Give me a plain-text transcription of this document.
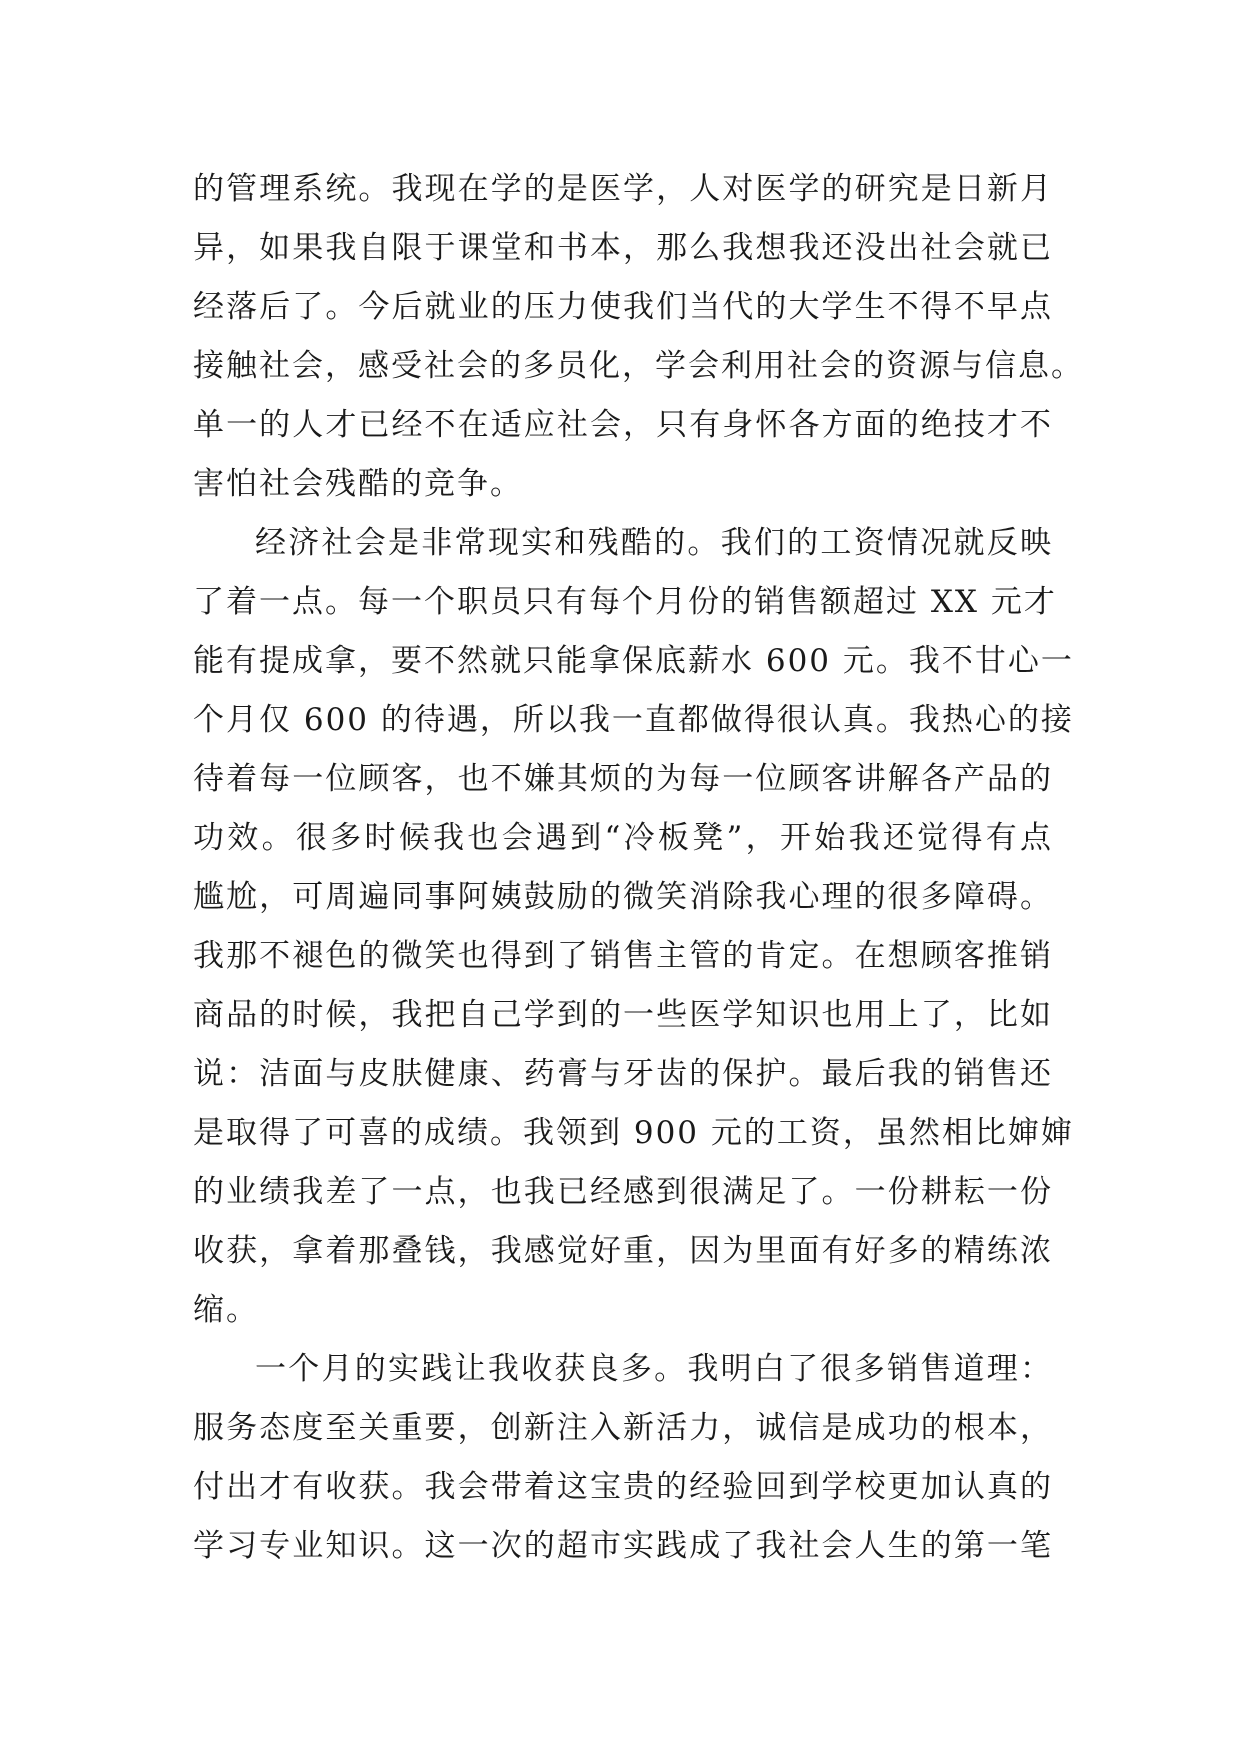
的管理系统。我现在学的是医学，人对医学的研究是日新月
异，如果我自限于课堂和书本，那么我想我还没出社会就已
经落后了。今后就业的压力使我们当代的大学生不得不早点
接触社会，感受社会的多员化，学会利用社会的资源与信息。
单一的人才已经不在适应社会，只有身怀各方面的绝技才不
害怕社会残酷的竞争。
经济社会是非常现实和残酷的。我们的工资情况就反映
了着一点。每一个职员只有每个月份的销售额超过 XX 元才
能有提成拿，要不然就只能拿保底薪水 600 元。我不甘心一
个月仅 600 的待遇，所以我一直都做得很认真。我热心的接
待着每一位顾客，也不嫌其烦的为每一位顾客讲解各产品的
功效。很多时候我也会遇到“冷板凳”，开始我还觉得有点
尴尬，可周遍同事阿姨鼓励的微笑消除我心理的很多障碍。
我那不褪色的微笑也得到了销售主管的肯定。在想顾客推销
商品的时候，我把自己学到的一些医学知识也用上了，比如
说：洁面与皮肤健康、药膏与牙齿的保护。最后我的销售还
是取得了可喜的成绩。我领到 900 元的工资，虽然相比婶婶
的业绩我差了一点，也我已经感到很满足了。一份耕耘一份
收获，拿着那叠钱，我感觉好重，因为里面有好多的精练浓
缩。
一个月的实践让我收获良多。我明白了很多销售道理：
服务态度至关重要，创新注入新活力，诚信是成功的根本，
付出才有收获。我会带着这宝贵的经验回到学校更加认真的
学习专业知识。这一次的超市实践成了我社会人生的第一笔
